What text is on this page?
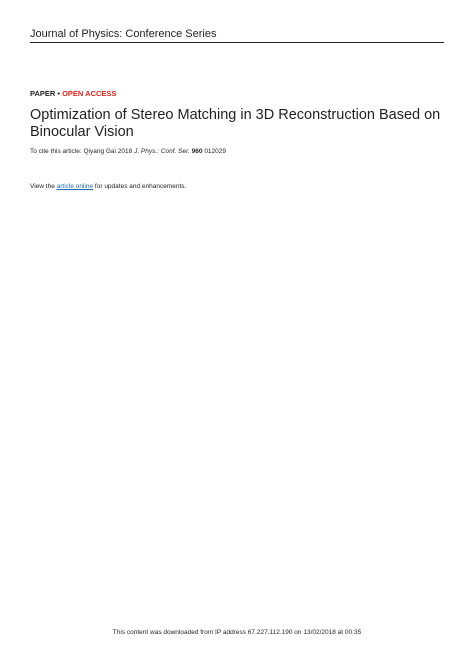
Journal of Physics: Conference Series
PAPER • OPEN ACCESS
Optimization of Stereo Matching in 3D Reconstruction Based on Binocular Vision
To cite this article: Qiyang Gai 2018 J. Phys.: Conf. Ser. 960 012029
View the article online for updates and enhancements.
This content was downloaded from IP address 67.227.112.190 on 13/02/2018 at 00:35
